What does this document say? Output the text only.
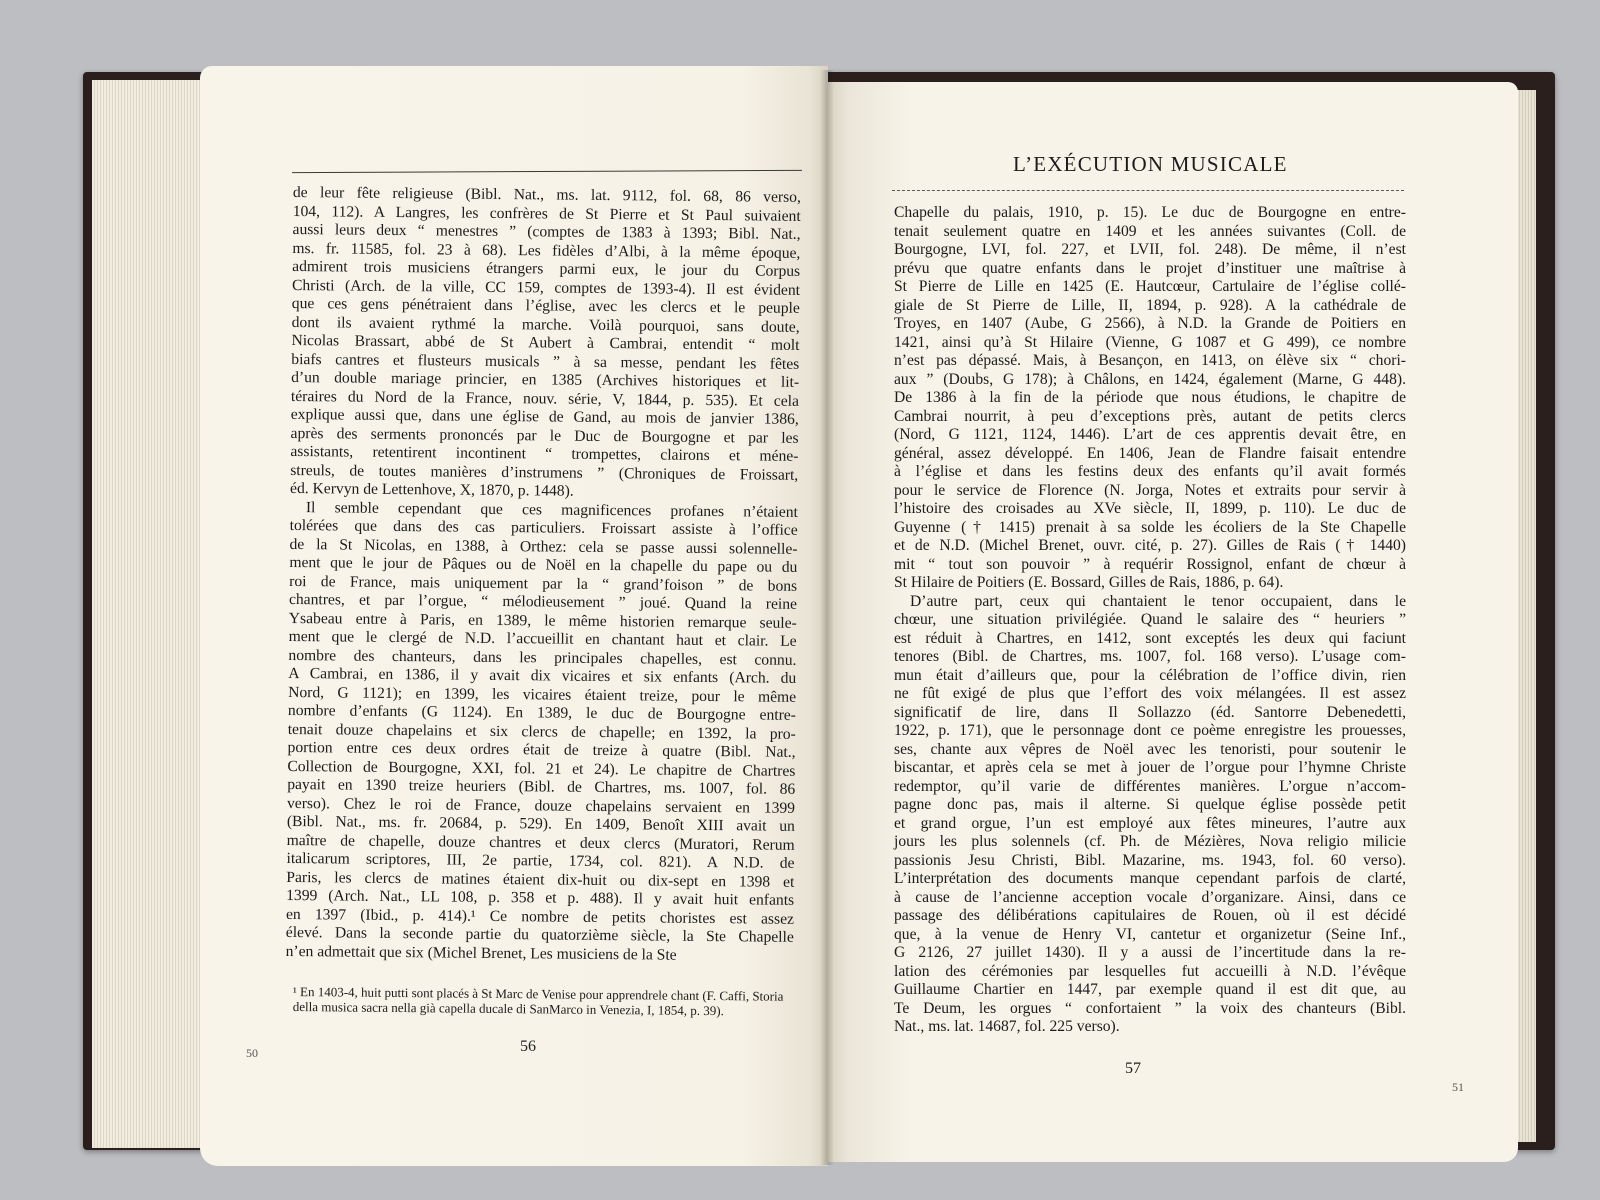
de leur fête religieuse (Bibl. Nat., ms. lat. 9112, fol. 68, 86 verso,
104, 112). A Langres, les confrères de St Pierre et St Paul suivaient
aussi leurs deux “ menestres ” (comptes de 1383 à 1393; Bibl. Nat.,
ms. fr. 11585, fol. 23 à 68). Les fidèles d’Albi, à la même époque,
admirent trois musiciens étrangers parmi eux, le jour du Corpus
Christi (Arch. de la ville, CC 159, comptes de 1393-4). Il est évident
que ces gens pénétraient dans l’église, avec les clercs et le peuple
dont ils avaient rythmé la marche. Voilà pourquoi, sans doute,
Nicolas Brassart, abbé de St Aubert à Cambrai, entendit “ molt
biafs cantres et flusteurs musicals ” à sa messe, pendant les fêtes
d’un double mariage princier, en 1385 (Archives historiques et lit-
téraires du Nord de la France, nouv. série, V, 1844, p. 535). Et cela
explique aussi que, dans une église de Gand, au mois de janvier 1386,
après des serments prononcés par le Duc de Bourgogne et par les
assistants, retentirent incontinent “ trompettes, clairons et méne-
streuls, de toutes manières d’instrumens ” (Chroniques de Froissart,
éd. Kervyn de Lettenhove, X, 1870, p. 1448).
Il semble cependant que ces magnificences profanes n’étaient
tolérées que dans des cas particuliers. Froissart assiste à l’office
de la St Nicolas, en 1388, à Orthez: cela se passe aussi solennelle-
ment que le jour de Pâques ou de Noël en la chapelle du pape ou du
roi de France, mais uniquement par la “ grand’foison ” de bons
chantres, et par l’orgue, “ mélodieusement ” joué. Quand la reine
Ysabeau entre à Paris, en 1389, le même historien remarque seule-
ment que le clergé de N.D. l’accueillit en chantant haut et clair. Le
nombre des chanteurs, dans les principales chapelles, est connu.
A Cambrai, en 1386, il y avait dix vicaires et six enfants (Arch. du
Nord, G 1121); en 1399, les vicaires étaient treize, pour le même
nombre d’enfants (G 1124). En 1389, le duc de Bourgogne entre-
tenait douze chapelains et six clercs de chapelle; en 1392, la pro-
portion entre ces deux ordres était de treize à quatre (Bibl. Nat.,
Collection de Bourgogne, XXI, fol. 21 et 24). Le chapitre de Chartres
payait en 1390 treize heuriers (Bibl. de Chartres, ms. 1007, fol. 86
verso). Chez le roi de France, douze chapelains servaient en 1399
(Bibl. Nat., ms. fr. 20684, p. 529). En 1409, Benoît XIII avait un
maître de chapelle, douze chantres et deux clercs (Muratori, Rerum
italicarum scriptores, III, 2e partie, 1734, col. 821). A N.D. de
Paris, les clercs de matines étaient dix-huit ou dix-sept en 1398 et
1399 (Arch. Nat., LL 108, p. 358 et p. 488). Il y avait huit enfants
en 1397 (Ibid., p. 414).¹ Ce nombre de petits choristes est assez
élevé. Dans la seconde partie du quatorzième siècle, la Ste Chapelle
n’en admettait que six (Michel Brenet, Les musiciens de la Ste
¹ En 1403-4, huit putti sont placés à St Marc de Venise pour apprendrele chant (F. Caffi, Storia della musica sacra nella già capella ducale di SanMarco in Venezia, I, 1854, p. 39).
50	56
L’EXÉCUTION MUSICALE
Chapelle du palais, 1910, p. 15). Le duc de Bourgogne en entre-
tenait seulement quatre en 1409 et les années suivantes (Coll. de
Bourgogne, LVI, fol. 227, et LVII, fol. 248). De même, il n’est
prévu que quatre enfants dans le projet d’instituer une maîtrise à
St Pierre de Lille en 1425 (E. Hautcœur, Cartulaire de l’église collé-
giale de St Pierre de Lille, II, 1894, p. 928). A la cathédrale de
Troyes, en 1407 (Aube, G 2566), à N.D. la Grande de Poitiers en
1421, ainsi qu’à St Hilaire (Vienne, G 1087 et G 499), ce nombre
n’est pas dépassé. Mais, à Besançon, en 1413, on élève six “ chori-
aux ” (Doubs, G 178); à Châlons, en 1424, également (Marne, G 448).
De 1386 à la fin de la période que nous étudions, le chapitre de
Cambrai nourrit, à peu d’exceptions près, autant de petits clercs
(Nord, G 1121, 1124, 1446). L’art de ces apprentis devait être, en
général, assez développé. En 1406, Jean de Flandre faisait entendre
à l’église et dans les festins deux des enfants qu’il avait formés
pour le service de Florence (N. Jorga, Notes et extraits pour servir à
l’histoire des croisades au XVe siècle, II, 1899, p. 110). Le duc de
Guyenne († 1415) prenait à sa solde les écoliers de la Ste Chapelle
et de N.D. (Michel Brenet, ouvr. cité, p. 27). Gilles de Rais († 1440)
mit “ tout son pouvoir ” à requérir Rossignol, enfant de chœur à
St Hilaire de Poitiers (E. Bossard, Gilles de Rais, 1886, p. 64).
D’autre part, ceux qui chantaient le tenor occupaient, dans le
chœur, une situation privilégiée. Quand le salaire des “ heuriers ”
est réduit à Chartres, en 1412, sont exceptés les deux qui faciunt
tenores (Bibl. de Chartres, ms. 1007, fol. 168 verso). L’usage com-
mun était d’ailleurs que, pour la célébration de l’office divin, rien
ne fût exigé de plus que l’effort des voix mélangées. Il est assez
significatif de lire, dans Il Sollazzo (éd. Santorre Debenedetti,
1922, p. 171), que le personnage dont ce poème enregistre les prouesses,
ses, chante aux vêpres de Noël avec les tenoristi, pour soutenir le
biscantar, et après cela se met à jouer de l’orgue pour l’hymne Christe
redemptor, qu’il varie de différentes manières. L’orgue n’accom-
pagne donc pas, mais il alterne. Si quelque église possède petit
et grand orgue, l’un est employé aux fêtes mineures, l’autre aux
jours les plus solennels (cf. Ph. de Mézières, Nova religio milicie
passionis Jesu Christi, Bibl. Mazarine, ms. 1943, fol. 60 verso).
L’interprétation des documents manque cependant parfois de clarté,
à cause de l’ancienne acception vocale d’organizare. Ainsi, dans ce
passage des délibérations capitulaires de Rouen, où il est décidé
que, à la venue de Henry VI, cantetur et organizetur (Seine Inf.,
G 2126, 27 juillet 1430). Il y a aussi de l’incertitude dans la re-
lation des cérémonies par lesquelles fut accueilli à N.D. l’évêque
Guillaume Chartier en 1447, par exemple quand il est dit que, au
Te Deum, les orgues “ confortaient ” la voix des chanteurs (Bibl.
Nat., ms. lat. 14687, fol. 225 verso).
57
51
